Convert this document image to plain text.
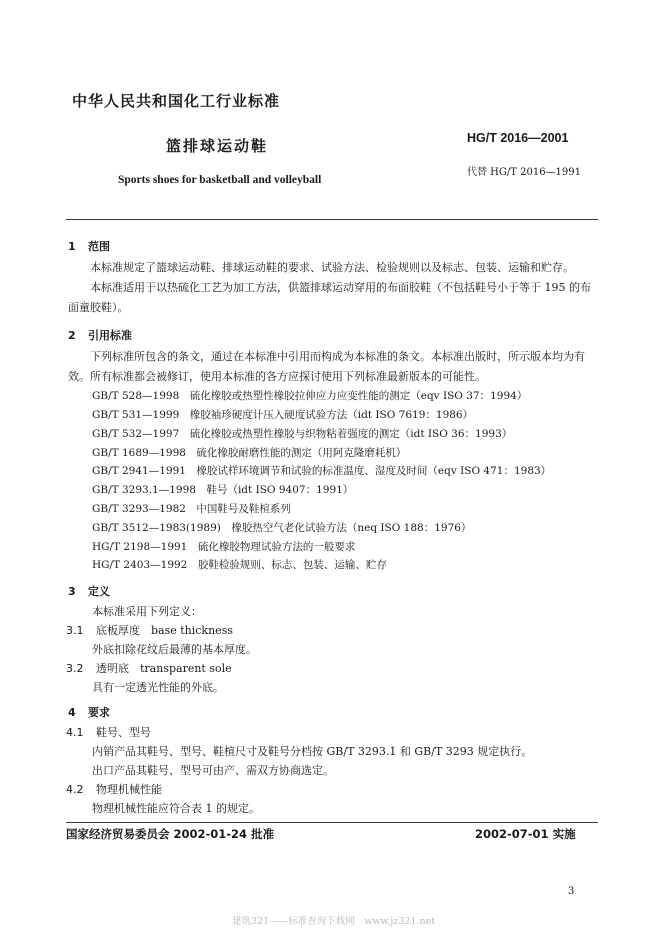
中华人民共和国化工行业标准
篮排球运动鞋
Sports shoes for basketball and volleyball
HG/T 2016—2001
代替 HG/T 2016—1991
1 范围

本标准规定了篮球运动鞋、排球运动鞋的要求、试验方法、检验规则以及标志、包装、运输和贮存。

本标准适用于以热硫化工艺为加工方法，供篮排球运动穿用的布面胶鞋（不包括鞋号小于等于 195 的布面童胶鞋）。

2 引用标准

下列标准所包含的条文，通过在本标准中引用而构成为本标准的条文。本标准出版时，所示版本均为有效。所有标准都会被修订，使用本标准的各方应探讨使用下列标准最新版本的可能性。

GB/T 528—1998　硫化橡胶或热塑性橡胶拉伸应力应变性能的测定（eqv ISO 37：1994）
GB/T 531—1999　橡胶袖珍硬度计压入硬度试验方法（idt ISO 7619：1986）
GB/T 532—1997　硫化橡胶或热塑性橡胶与织物粘着强度的测定（idt ISO 36：1993）
GB/T 1689—1998　硫化橡胶耐磨性能的测定（用阿克隆磨耗机）
GB/T 2941—1991　橡胶试样环境调节和试验的标准温度、湿度及时间（eqv ISO 471：1983）
GB/T 3293.1—1998　鞋号（idt ISO 9407：1991）
GB/T 3293—1982　中国鞋号及鞋楦系列
GB/T 3512—1983(1989)　橡胶热空气老化试验方法（neq ISO 188：1976）
HG/T 2198—1991　硫化橡胶物理试验方法的一般要求
HG/T 2403—1992　胶鞋检验规则、标志、包装、运输、贮存
3 定义
本标准采用下列定义：
3.1 底板厚度　base thickness
外底扣除花纹后最薄的基本厚度。
3.2 透明底　transparent sole
具有一定透光性能的外底。
4 要求
4.1 鞋号、型号
内销产品其鞋号、型号、鞋楦尺寸及鞋号分档按 GB/T 3293.1 和 GB/T 3293 规定执行。
出口产品其鞋号、型号可由产、需双方协商选定。
4.2 物理机械性能
物理机械性能应符合表 1 的规定。
国家经济贸易委员会 2002-01-24 批准	2002-07-01 实施
3
建筑321——标准查询下载网　www.jz321.net
